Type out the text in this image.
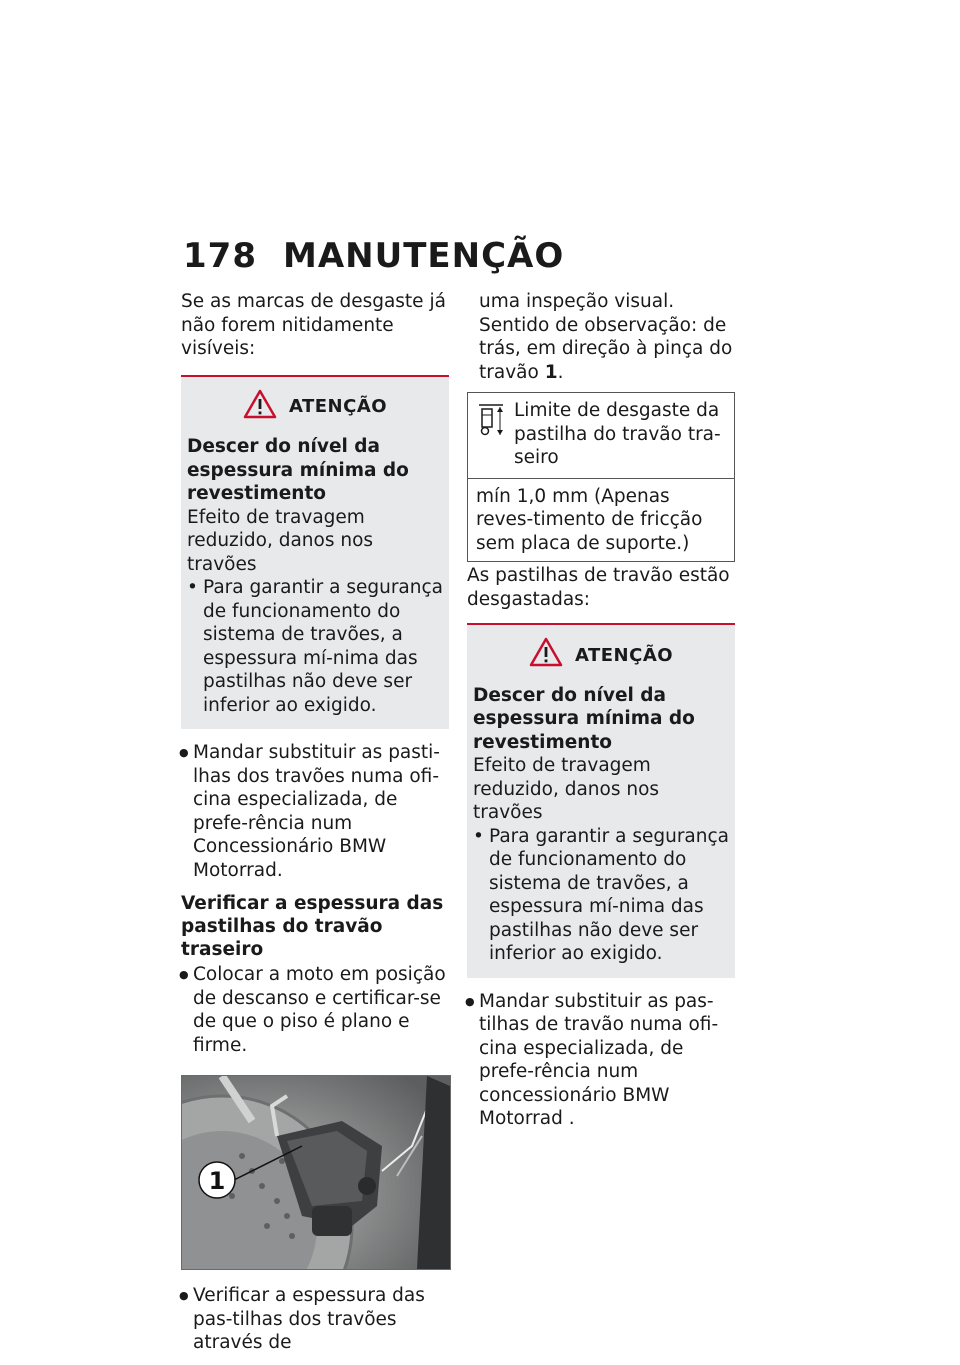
178 MANUTENÇÃO

Se as marcas de desgaste já não forem nitidamente visíveis:

ATENÇÃO

Descer do nível da espessura mínima do revestimento

Efeito de travagem reduzido, danos nos travões

• Para garantir a segurança de funcionamento do sistema de travões, a espessura mí-nima das pastilhas não deve ser inferior ao exigido.
● Mandar substituir as pasti-lhas dos travões numa ofi-cina especializada, de prefe-rência num Concessionário BMW Motorrad.
Verificar a espessura das pastilhas do travão traseiro
● Colocar a moto em posição de descanso e certificar-se de que o piso é plano e firme.
1
● Verificar a espessura das pas-tilhas dos travões através de

uma inspeção visual. Sentido de observação: de trás, em direção à pinça do travão 1.

Limite de desgaste da pastilha do travão tra-seiro
mín 1,0 mm (Apenas reves-timento de fricção sem placa de suporte.)

As pastilhas de travão estão desgastadas:

ATENÇÃO

Descer do nível da espessura mínima do revestimento

Efeito de travagem reduzido, danos nos travões

• Para garantir a segurança de funcionamento do sistema de travões, a espessura mí-nima das pastilhas não deve ser inferior ao exigido.
● Mandar substituir as pas-tilhas de travão numa ofi-cina especializada, de prefe-rência num concessionário BMW Motorrad .
